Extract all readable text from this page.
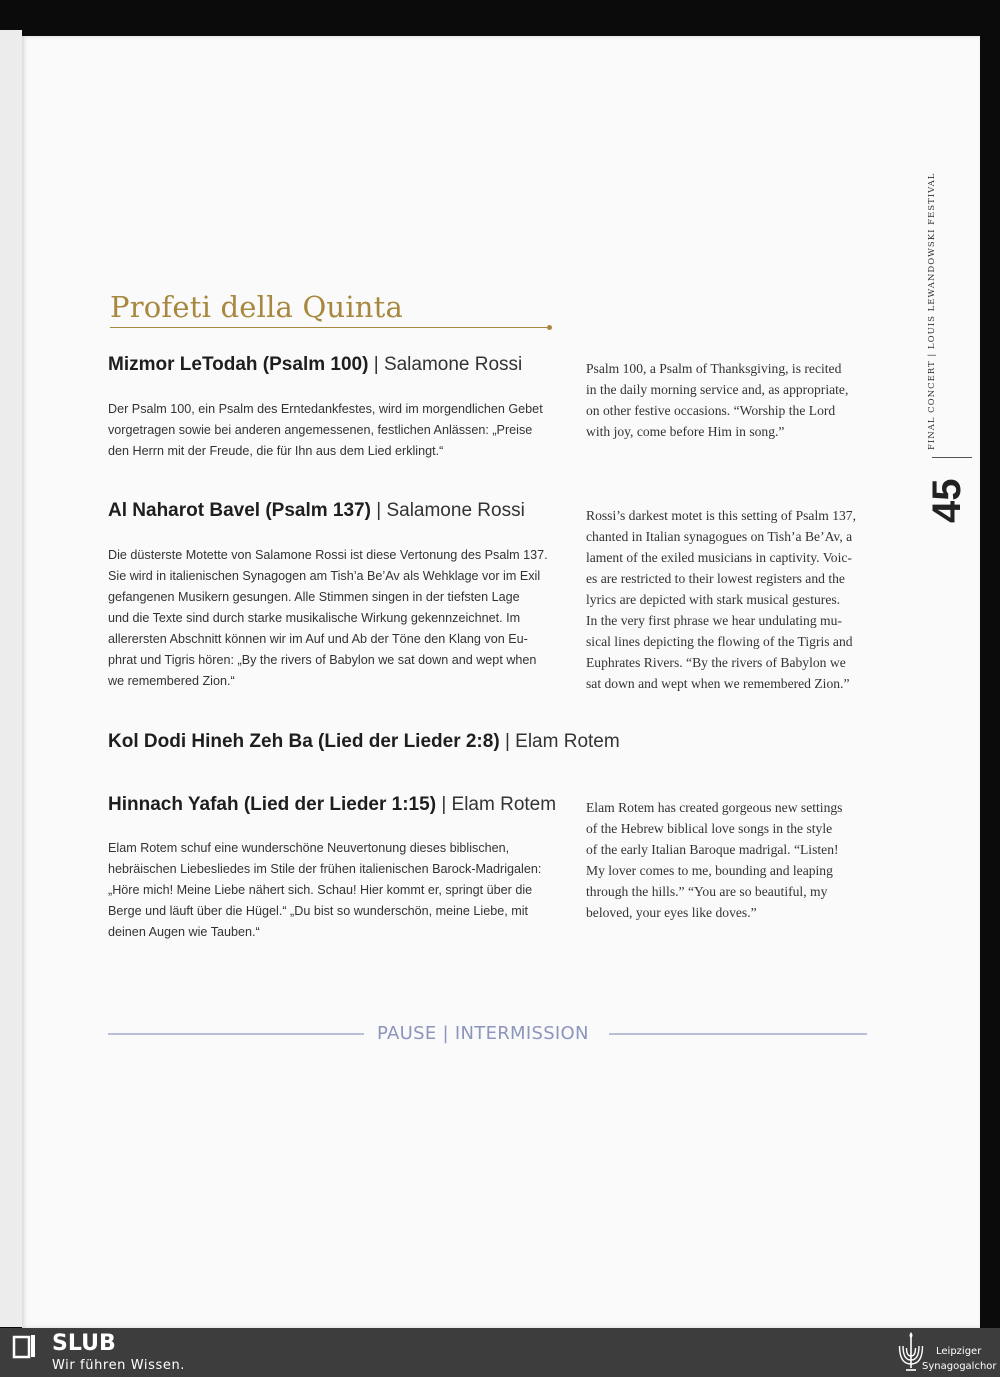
Profeti della Quinta
Mizmor LeTodah (Psalm 100) | Salamone Rossi
Der Psalm 100, ein Psalm des Erntedankfestes, wird im morgendlichen Gebet
vorgetragen sowie bei anderen angemessenen, festlichen Anlässen: „Preise
den Herrn mit der Freude, die für Ihn aus dem Lied erklingt.“
Psalm 100, a Psalm of Thanksgiving, is recited
in the daily morning service and, as appropriate,
on other festive occasions. “Worship the Lord
with joy, come before Him in song.”
Al Naharot Bavel (Psalm 137) | Salamone Rossi
Die düsterste Motette von Salamone Rossi ist diese Vertonung des Psalm 137.
Sie wird in italienischen Synagogen am Tish’a Be’Av als Wehklage vor im Exil
gefangenen Musikern gesungen. Alle Stimmen singen in der tiefsten Lage
und die Texte sind durch starke musikalische Wirkung gekennzeichnet. Im
allerersten Abschnitt können wir im Auf und Ab der Töne den Klang von Eu-
phrat und Tigris hören: „By the rivers of Babylon we sat down and wept when
we remembered Zion.“
Rossi’s darkest motet is this setting of Psalm 137,
chanted in Italian synagogues on Tish’a Be’Av, a
lament of the exiled musicians in captivity. Voic-
es are restricted to their lowest registers and the
lyrics are depicted with stark musical gestures.
In the very first phrase we hear undulating mu-
sical lines depicting the flowing of the Tigris and
Euphrates Rivers. “By the rivers of Babylon we
sat down and wept when we remembered Zion.”
Kol Dodi Hineh Zeh Ba (Lied der Lieder 2:8) | Elam Rotem
Hinnach Yafah (Lied der Lieder 1:15) | Elam Rotem
Elam Rotem schuf eine wunderschöne Neuvertonung dieses biblischen,
hebräischen Liebesliedes im Stile der frühen italienischen Barock-Madrigalen:
„Höre mich! Meine Liebe nähert sich. Schau! Hier kommt er, springt über die
Berge und läuft über die Hügel.“ „Du bist so wunderschön, meine Liebe, mit
deinen Augen wie Tauben.“
Elam Rotem has created gorgeous new settings
of the Hebrew biblical love songs in the style
of the early Italian Baroque madrigal. “Listen!
My lover comes to me, bounding and leaping
through the hills.” “You are so beautiful, my
beloved, your eyes like doves.”
PAUSE | INTERMISSION
FINAL CONCERT | LOUIS LEWANDOWSKI FESTIVAL
45
SLUB
Wir führen Wissen.
Leipziger
Synagogalchor
